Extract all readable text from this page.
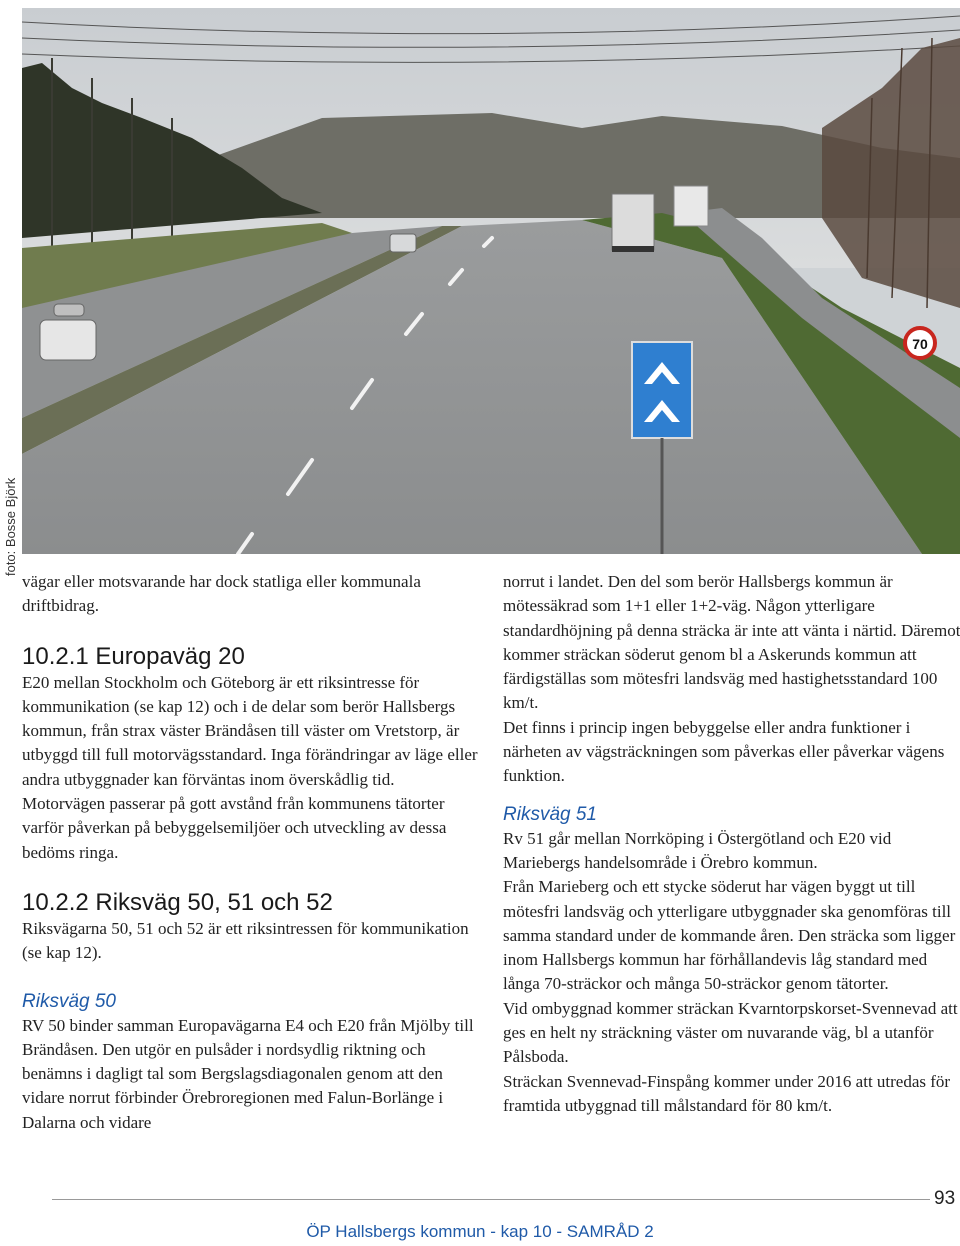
70
foto: Bosse Björk

vägar eller motsvarande har dock statliga eller kommunala driftbidrag.

10.2.1 Europaväg 20

E20 mellan Stockholm och Göteborg är ett riksintresse för kommunikation (se kap 12) och i de delar som berör Hallsbergs kommun, från strax väster Brändåsen till väster om Vretstorp, är utbyggd till full motorvägsstandard. Inga förändringar av läge eller andra utbyggnader kan förväntas inom överskådlig tid. Motorvägen passerar på gott avstånd från kommunens tätorter varför påverkan på bebyggelsemiljöer och utveckling av dessa bedöms ringa.

10.2.2 Riksväg 50, 51 och 52

Riksvägarna 50, 51 och 52 är ett riksintressen för kommunikation (se kap 12).

Riksväg 50

RV 50 binder samman Europavägarna E4 och E20 från Mjölby till Brändåsen. Den utgör en pulsåder i nordsydlig riktning och benämns i dagligt tal som Bergslagsdiagonalen genom att den vidare norrut förbinder Örebroregionen med Falun-Borlänge i Dalarna och vidare

norrut i landet. Den del som berör Hallsbergs kommun är mötessäkrad som 1+1 eller 1+2-väg. Någon ytterligare standardhöjning på denna sträcka är inte att vänta i närtid. Däremot kommer sträckan söderut genom bl a Askerunds kommun att färdigställas som mötesfri landsväg med hastighetsstandard 100 km/t.

Det finns i princip ingen bebyggelse eller andra funktioner i närheten av vägsträckningen som påverkas eller påverkar vägens funktion.

Riksväg 51

Rv 51 går mellan Norrköping i Östergötland och E20 vid Mariebergs handelsområde i Örebro kommun.

Från Marieberg och ett stycke söderut har vägen byggt ut till mötesfri landsväg och ytterligare utbyggnader ska genomföras till samma standard under de kommande åren. Den sträcka som ligger inom Hallsbergs kommun har förhållandevis låg standard med långa 70-sträckor och många 50-sträckor genom tätorter.

Vid ombyggnad kommer sträckan Kvarntorpskorset-Svennevad att ges en helt ny sträckning väster om nuvarande väg, bl a utanför Pålsboda.

Sträckan Svennevad-Finspång kommer under 2016 att utredas för framtida utbyggnad till målstandard för 80 km/t.

93
ÖP Hallsbergs kommun - kap 10 - SAMRÅD 2
